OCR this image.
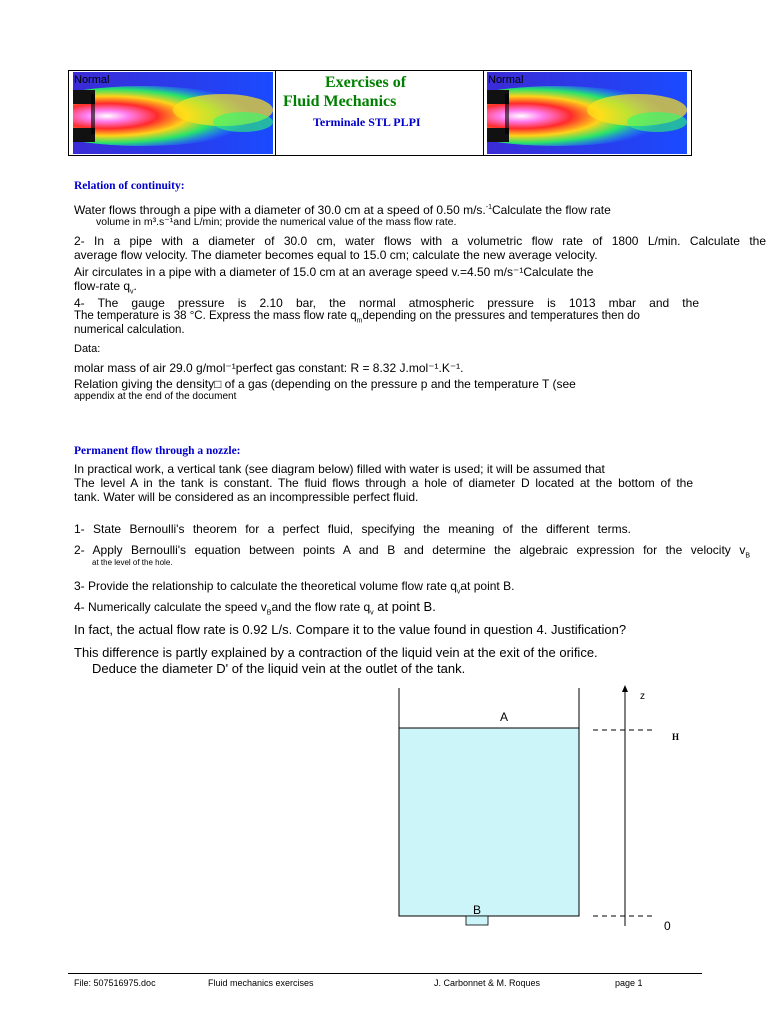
Normal	Exercises of
Fluid Mechanics
Terminale STL PLPI
Normal
Relation of continuity:
Water flows through a pipe with a diameter of 30.0 cm at a speed of 0.50 m/s.$^{-1}$Calculate the flow rate
volume in m³.s⁻¹and L/min; provide the numerical value of the mass flow rate.
2- In a pipe with a diameter of 30.0 cm, water flows with a volumetric flow rate of 1800 L/min. Calculate the
average flow velocity. The diameter becomes equal to 15.0 cm; calculate the new average velocity.
Air circulates in a pipe with a diameter of 15.0 cm at an average speed v.=4.50 m/s⁻¹Calculate the
flow-rate $q_v$.
4- The gauge pressure is 2.10 bar, the normal atmospheric pressure is 1013 mbar and the
The temperature is 38 °C. Express the mass flow rate $q_mdepending$ on the pressures and temperatures then do
numerical calculation.
Data:
molar mass of air 29.0 g/mol⁻¹perfect gas constant: R = 8.32 J.mol⁻¹.K⁻¹.
Relation giving the density□ of a gas (depending on the pressure p and the temperature T (see
appendix at the end of the document
Permanent flow through a nozzle:
In practical work, a vertical tank (see diagram below) filled with water is used; it will be assumed that
The level A in the tank is constant. The fluid flows through a hole of diameter D located at the bottom of the
tank. Water will be considered as an incompressible perfect fluid.
1- State Bernoulli's theorem for a perfect fluid, specifying the meaning of the different terms.
2- Apply Bernoulli's equation between points A and B and determine the algebraic expression for the velocity $v_B$
at the level of the hole.
3- Provide the relationship to calculate the theoretical volume flow rate $q_vat$ point B.
4- Numerically calculate the speed $v_Band$ the flow rate $q_v$ at point B.
In fact, the actual flow rate is 0.92 L/s. Compare it to the value found in question 4. Justification?
This difference is partly explained by a contraction of the liquid vein at the exit of the orifice.
Deduce the diameter D' of the liquid vein at the outlet of the tank.
A
B
z
H
0
File: 507516975.doc	Fluid mechanics exercises	J. Carbonnet & M. Roques	page 1
